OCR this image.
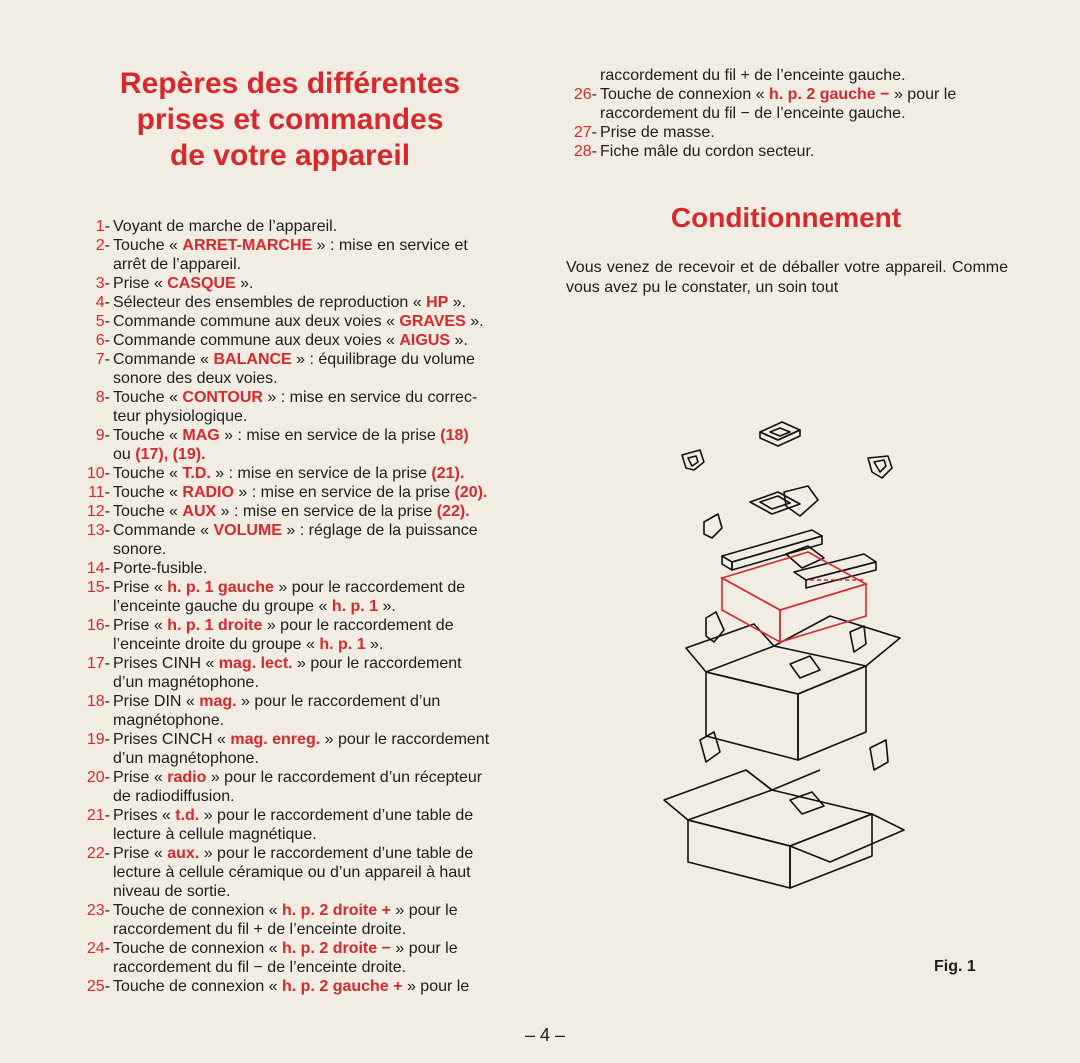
Repères des différentes
prises et commandes
de votre appareil
1 - Voyant de marche de l’appareil.
2 - Touche « ARRET-MARCHE » : mise en service et
arrêt de l’appareil.
3 - Prise « CASQUE ».
4 - Sélecteur des ensembles de reproduction « HP ».
5 - Commande commune aux deux voies « GRAVES ».
6 - Commande commune aux deux voies « AIGUS ».
7 - Commande « BALANCE » : équilibrage du volume
sonore des deux voies.
8 - Touche « CONTOUR » : mise en service du correc-
teur physiologique.
9 - Touche « MAG » : mise en service de la prise (18)
ou (17), (19).
10 - Touche « T.D. » : mise en service de la prise (21).
11 - Touche « RADIO » : mise en service de la prise (20).
12 - Touche « AUX » : mise en service de la prise (22).
13 - Commande « VOLUME » : réglage de la puissance
sonore.
14 - Porte-fusible.
15 - Prise « h. p. 1 gauche » pour le raccordement de
l’enceinte gauche du groupe « h. p. 1 ».
16 - Prise « h. p. 1 droite » pour le raccordement de
l’enceinte droite du groupe « h. p. 1 ».
17 - Prises CINH « mag. lect. » pour le raccordement
d’un magnétophone.
18 - Prise DIN « mag. » pour le raccordement d’un
magnétophone.
19 - Prises CINCH « mag. enreg. » pour le raccordement
d’un magnétophone.
20 - Prise « radio » pour le raccordement d’un récepteur
de radiodiffusion.
21 - Prises « t.d. » pour le raccordement d’une table de
lecture à cellule magnétique.
22 - Prise « aux. » pour le raccordement d’une table de
lecture à cellule céramique ou d’un appareil à haut
niveau de sortie.
23 - Touche de connexion « h. p. 2 droite + » pour le
raccordement du fil + de l’enceinte droite.
24 - Touche de connexion « h. p. 2 droite − » pour le
raccordement du fil − de l’enceinte droite.
25 - Touche de connexion « h. p. 2 gauche + » pour le
raccordement du fil + de l’enceinte gauche.
26 - Touche de connexion « h. p. 2 gauche − » pour le
raccordement du fil − de l’enceinte gauche.
27 - Prise de masse.
28 - Fiche mâle du cordon secteur.
Conditionnement
Vous venez de recevoir et de déballer votre appareil. Comme vous avez pu le constater, un soin tout
Fig. 1
– 4 –
